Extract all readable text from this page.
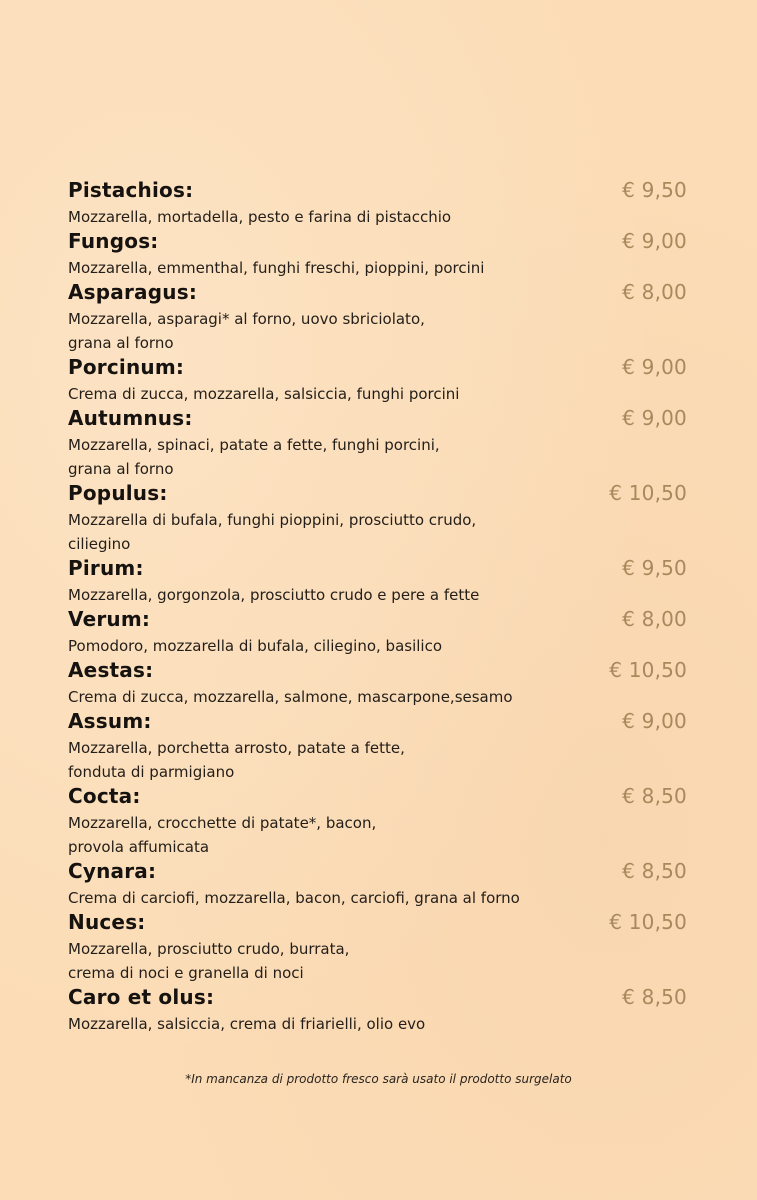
Pistachios:	€ 9,50
Mozzarella, mortadella, pesto e farina di pistacchio
Fungos:	€ 9,00
Mozzarella, emmenthal, funghi freschi, pioppini, porcini
Asparagus:	€ 8,00
Mozzarella, asparagi* al forno, uovo sbriciolato,
grana al forno
Porcinum:	€ 9,00
Crema di zucca, mozzarella, salsiccia, funghi porcini
Autumnus:	€ 9,00
Mozzarella, spinaci, patate a fette, funghi porcini,
grana al forno
Populus:	€ 10,50
Mozzarella di bufala, funghi pioppini, prosciutto crudo,
ciliegino
Pirum:	€ 9,50
Mozzarella, gorgonzola, prosciutto crudo e pere a fette
Verum:	€ 8,00
Pomodoro, mozzarella di bufala, ciliegino, basilico
Aestas:	€ 10,50
Crema di zucca, mozzarella, salmone, mascarpone,sesamo
Assum:	€ 9,00
Mozzarella, porchetta arrosto, patate a fette,
fonduta di parmigiano
Cocta:	€ 8,50
Mozzarella, crocchette di patate*, bacon,
provola affumicata
Cynara:	€ 8,50
Crema di carciofi, mozzarella, bacon, carciofi, grana al forno
Nuces:	€ 10,50
Mozzarella, prosciutto crudo, burrata,
crema di noci e granella di noci
Caro et olus:	€ 8,50
Mozzarella, salsiccia, crema di friarielli, olio evo
*In mancanza di prodotto fresco sarà usato il prodotto surgelato
